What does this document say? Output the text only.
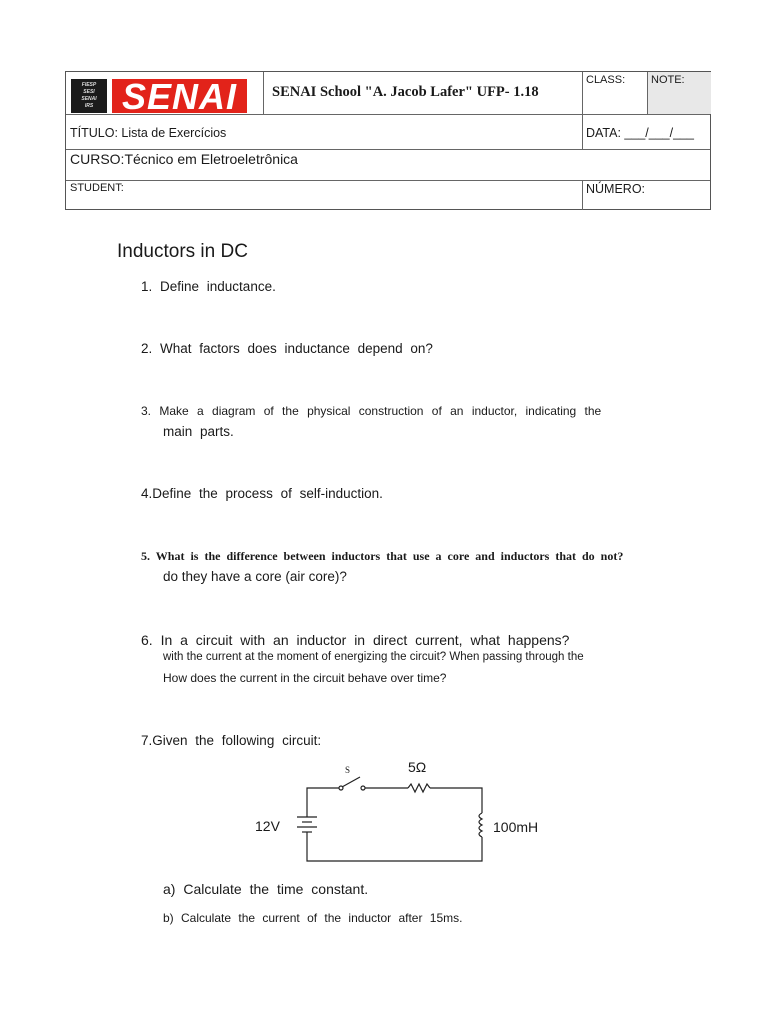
FIESP
SESI
SENAI
IRS SENAI SENAI School "A. Jacob Lafer" UFP- 1.18
CLASS: NOTE:
TÍTULO: Lista de Exercícios	DATA: ___/___/___
CURSO:Técnico em Eletroeletrônica
STUDENT:	NÚMERO:
Inductors in DC
1. Define inductance.
2. What factors does inductance depend on?
3. Make a diagram of the physical construction of an inductor, indicating the
main parts.
4.Define the process of self-induction.
5. What is the difference between inductors that use a core and inductors that do not?
do they have a core (air core)?
6. In a circuit with an inductor in direct current, what happens?
with the current at the moment of energizing the circuit? When passing through the
How does the current in the circuit behave over time?
7.Given the following circuit:
S	5Ω
12V	100mH
a) Calculate the time constant.
b) Calculate the current of the inductor after 15ms.
